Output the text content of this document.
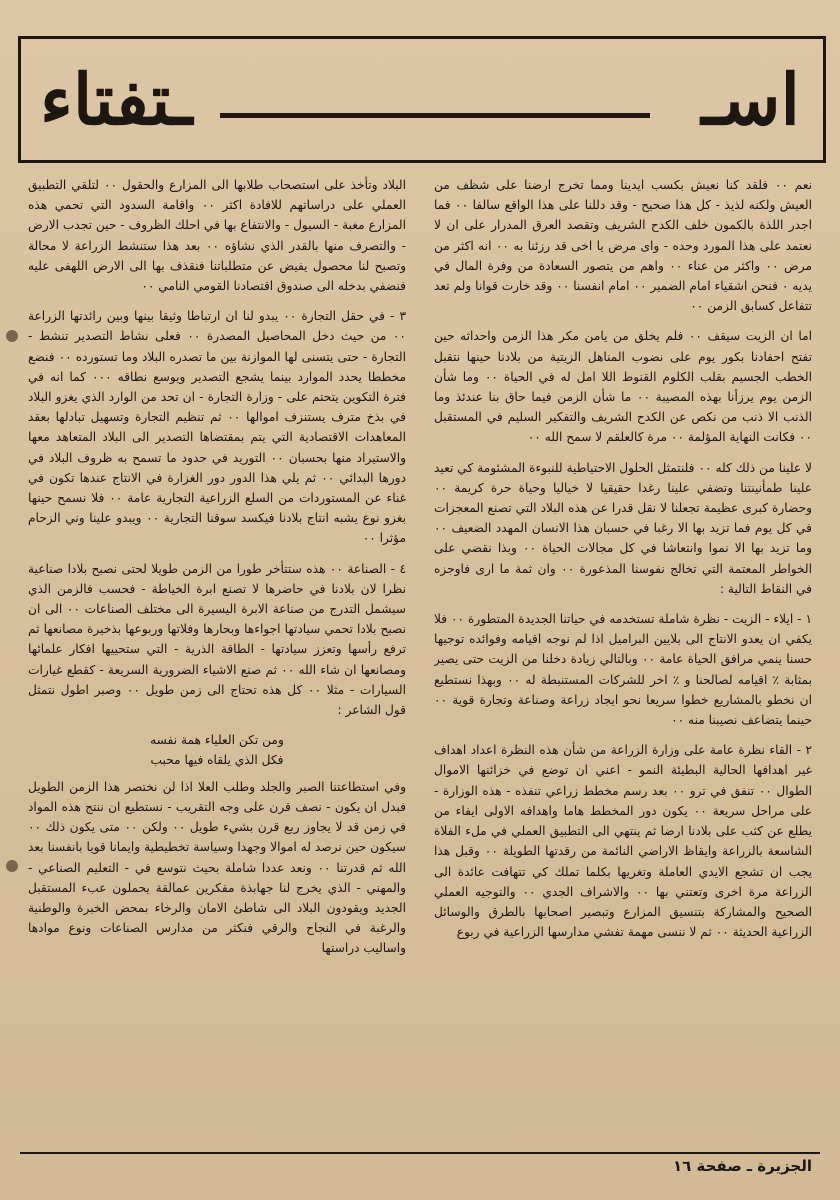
اسـ
ـتفتاء

نعم ٠٠ فلقد كنا نعيش بكسب ايدينا ومما تخرج ارضنا على شظف من العيش ولكنه لذيذ - كل هذا صحيح - وقد دللنا على هذا الواقع سالفا ٠٠ فما اجدر اللذة بالكمون خلف الكدح الشريف وتقصد العرق المدرار على ان لا نعتمد على هذا المورد وحده - واى مرض يا اخى قد رزئنا به ٠٠ انه اكثر من مرض ٠٠ واكثر من عناء ٠٠ واهم من يتصور السعادة من وفرة المال في يديه ٠ فنحن اشقياء امام الضمير ٠٠ امام انفسنا ٠٠ وقد خارت قوانا ولم تعد تتفاعل كسابق الزمن ٠٠

اما ان الزيت سيقف ٠٠ فلم يخلق من يامن مكر هذا الزمن واحداثه حين تفتح احفادنا بكور يوم على نضوب المناهل الزيتية من بلادنا حينها نتقبل الخطب الجسيم بقلب الكلوم القنوط اللا امل له في الحياة ٠٠ وما شأن الزمن يوم يرزأنا بهذه المصيبة ٠٠ ما شأن الزمن فيما حاق بنا عندئذ وما الذنب الا ذنب من نكص عن الكدح الشريف والتفكير السليم في المستقبل ٠٠ فكانت النهاية المؤلمة ٠٠ مرة كالعلقم لا سمح الله ٠٠

لا علينا من ذلك كله ٠٠ فلنتمثل الحلول الاحتياطية للنبوءة المشئومة كي تعيد علينا طمأنينتنا وتضفي علينا رغدا حقيقيا لا خياليا وحياة حرة كريمة ٠٠ وحضارة كبرى عظيمة تجعلنا لا نقل قدرا عن هذه البلاد التي تصنع المعجزات في كل يوم فما تزيد بها الا رغبا في حسبان هذا الانسان المهدد الضعيف ٠٠ وما تزيد بها الا نموا وانتعاشا في كل مجالات الحياة ٠٠ وبذا نقضي على الخواطر المعتمة التي تخالج نفوسنا المذعورة ٠٠ وان ثمة ما ارى فاوجزه في النقاط التالية :

١ - ايلاء - الزيت - نظرة شاملة تستخدمه في حياتنا الجديدة المتطورة ٠٠ فلا يكفي ان يعدو الانتاج الى بلايين البراميل اذا لم نوجه اقيامه وفوائده توجيها حسنا ينمي مرافق الحياة عامة ٠٠ وبالتالي زيادة دخلنا من الزيت حتى يصير بمثابة ٪ اقيامه لصالحنا و ٪ اخر للشركات المستنبطة له ٠٠ وبهذا نستطيع ان نخطو بالمشاريع خطوا سريعا نحو ايجاد زراعة وصناعة وتجارة قوية ٠٠ حينما يتضاعف نصيبنا منه ٠٠

٢ - القاء نظرة عامة على وزارة الزراعة من شأن هذه النظرة اعداد اهداف غير اهدافها الحالية البطيئة النمو - اعني ان توضع في خزائنها الاموال الطوال ٠٠ تنفق في ترو ٠٠ بعد رسم مخطط زراعي تنفذه - هذه الوزارة - على مراحل سريعة ٠٠ يكون دور المخطط هاما واهدافه الاولى ايفاء من يطلع عن كثب على بلادنا ارضا ثم ينتهي الى التطبيق العملي في ملء الفلاة الشاسعة بالزراعة وايقاظ الاراضي النائمة من رقدتها الطويلة ٠٠ وقبل هذا يجب ان تشجع الايدي العاملة وتغريها بكلما تملك كي تتهافت عائدة الى الزراعة مرة اخرى وتعتني بها ٠٠ والاشراف الجدي ٠٠ والتوجيه العملي الصحيح والمشاركة بتنسيق المزارع وتبصير اصحابها بالطرق والوسائل الزراعية الحديثة ٠٠ ثم لا ننسى مهمة تفشي مدارسها الزراعية في ربوع

البلاد وتأخذ على استصحاب طلابها الى المزارع والحقول ٠٠ لتلقي التطبيق العملي على دراساتهم للافادة اكثر ٠٠ واقامة السدود التي تحمي هذه المزارع مغبة - السيول - والانتفاع بها في احلك الظروف - حين تجدب الارض - والتصرف منها بالقدر الذي نشاؤه ٠٠ بعد هذا ستنشط الزراعة لا محالة وتصبح لنا محصول يفيض عن متطلباتنا فنقذف بها الى الارض اللهفى عليه فنضفي بدخله الى صندوق اقتصادنا القومي النامي ٠٠

٣ - في حقل التجارة ٠٠ يبدو لنا ان ارتباطا وثيقا بينها وبين رائدتها الزراعة ٠٠ من حيث دخل المحاصيل المصدرة ٠٠ فعلى نشاط التصدير تنشط - التجارة - حتى يتسنى لها الموازنة بين ما تصدره البلاد وما تستورده ٠٠ فنضع مخططا يحدد الموارد بينما يشجع التصدير ويوسع نطاقه ٠٠٠ كما انه في فترة التكوين يتحتم على - وزارة التجارة - ان تحد من الوارد الذي يغزو البلاد في بذخ مترف يستنزف اموالها ٠٠ ثم تنظيم التجارة وتسهيل تبادلها بعقد المعاهدات الاقتصادية التي يتم بمقتضاها التصدير الى البلاد المتعاهد معها والاستيراد منها بحسبان ٠٠ التوريد في حدود ما تسمح به ظروف البلاد في دورها البدائي ٠٠ ثم يلي هذا الدور دور الغزارة في الانتاج عندها تكون في غناء عن المستوردات من السلع الزراعية التجارية عامة ٠٠ فلا نسمح حينها بغزو نوع يشبه انتاج بلادنا فيكسد سوقنا التجارية ٠٠ ويبدو علينا وني الزحام مؤثرا ٠٠

٤ - الصناعة ٠٠ هذه ستتأخر طورا من الزمن طويلا لحتى نصبح بلادا صناعية نظرا لان بلادنا في حاضرها لا تصنع ابرة الخياطة - فحسب فالزمن الذي سيشمل التدرج من صناعة الابرة اليسيرة الى مختلف الصناعات ٠٠ الى ان نصبح بلادا تحمي سيادتها اجواءها وبحارها وفلاتها وربوعها بذخيرة مصانعها ثم ترفع رأسها وتعزز سيادتها - الطاقة الذرية - التي ستحييها افكار علمائها ومصانعها ان شاء الله ٠٠ ثم صنع الاشياء الضرورية السريعة - كقطع غيارات السيارات - مثلا ٠٠ كل هذه تحتاج الى زمن طويل ٠٠ وصبر اطول نتمثل قول الشاعر :

ومن تكن العلياء همة نفسه
فكل الذي يلقاه فيها محبب

وفي استطاعتنا الصبر والجلد وطلب العلا اذا لن نختصر هذا الزمن الطويل فبدل ان يكون - نصف قرن على وجه التقريب - نستطيع ان ننتج هذه المواد في زمن قد لا يجاوز ربع قرن بشيء طويل ٠٠ ولكن ٠٠ متى يكون ذلك ٠٠ سيكون حين نرصد له اموالا وجهدا وسياسة تخطيطية وايمانا قويا بانفسنا بعد الله ثم قدرتنا ٠٠ ونعد عددا شاملة بحيث نتوسع في - التعليم الصناعي - والمهني - الذي يخرج لنا جهابذة مفكرين عمالقة يحملون عبء المستقبل الجديد ويقودون البلاد الى شاطئ الامان والرخاء بمحض الخبرة والوطنية والرغبة في النجاح والرقي فنكثر من مدارس الصناعات ونوع موادها واساليب دراستها

الجزيرة ـ صفحة ١٦
